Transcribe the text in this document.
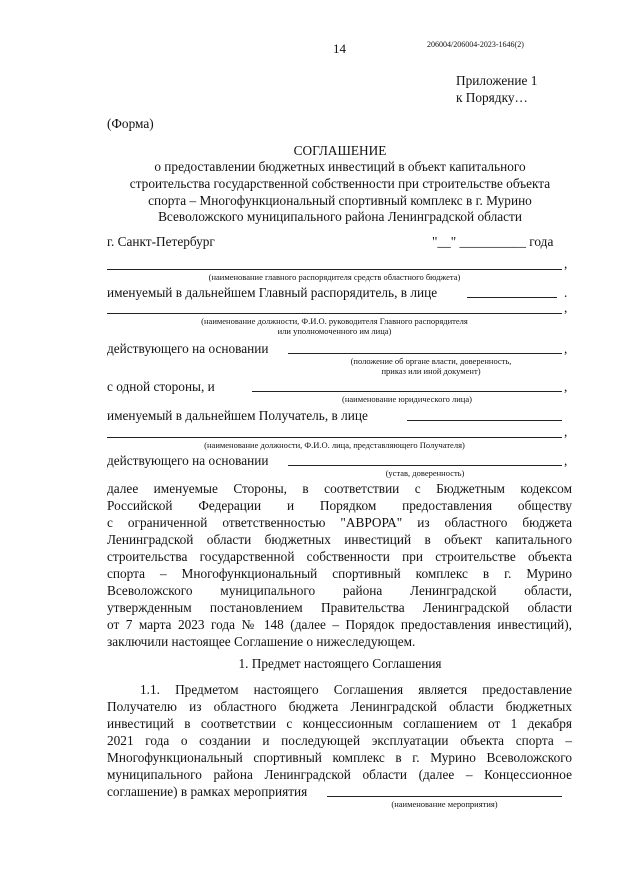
14	206004/206004-2023-1646(2)
Приложение 1
к Порядку…
(Форма)
СОГЛАШЕНИЕ
о предоставлении бюджетных инвестиций в объект капитального
строительства государственной собственности при строительстве объекта
спорта – Многофункциональный спортивный комплекс в г. Мурино
Всеволожского муниципального района Ленинградской области
г. Санкт-Петербург	"__" __________ года
,
(наименование главного распорядителя средств областного бюджета)
именуемый в дальнейшем Главный распорядитель, в лице	.
,
(наименование должности, Ф.И.О. руководителя Главного распорядителя
или уполномоченного им лица)
действующего на основании	,
(положение об органе власти, доверенность,
приказ или иной документ)
с одной стороны, и	,
(наименование юридического лица)
именуемый в дальнейшем Получатель, в лице
,
(наименование должности, Ф.И.О. лица, представляющего Получателя)
действующего на основании	,
(устав, доверенность)
далее именуемые Стороны, в соответствии с Бюджетным кодексом
Российской Федерации и Порядком предоставления обществу
с ограниченной ответственностью "АВРОРА" из областного бюджета
Ленинградской области бюджетных инвестиций в объект капитального
строительства государственной собственности при строительстве объекта
спорта – Многофункциональный спортивный комплекс в г. Мурино
Всеволожского муниципального района Ленинградской области,
утвержденным постановлением Правительства Ленинградской области
от 7 марта 2023 года № 148 (далее – Порядок предоставления инвестиций),
заключили настоящее Соглашение о нижеследующем.
1. Предмет настоящего Соглашения
1.1. Предметом настоящего Соглашения является предоставление
Получателю из областного бюджета Ленинградской области бюджетных
инвестиций в соответствии с концессионным соглашением от 1 декабря
2021 года о создании и последующей эксплуатации объекта спорта –
Многофункциональный спортивный комплекс в г. Мурино Всеволожского
муниципального района Ленинградской области (далее – Концессионное
соглашение) в рамках мероприятия
(наименование мероприятия)
